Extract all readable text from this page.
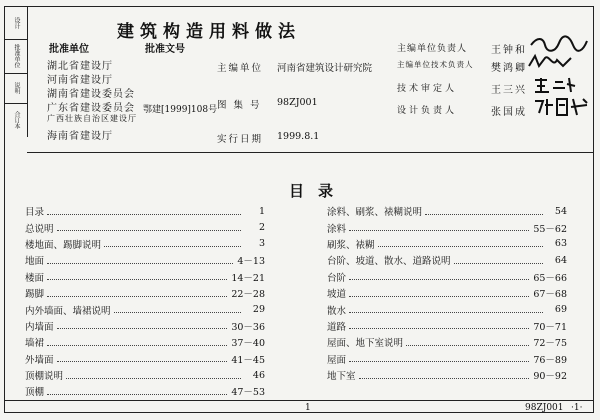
设计
批准单位
说明
合订本
建筑构造用料做法
批准单位	批准文号
湖北省建设厅
河南省建设厅
湖南省建设委员会
广东省建设委员会
广西壮族自治区建设厅
海南省建设厅
鄂建[1999]108号
主编单位 河南省建筑设计研究院
图 集 号 98ZJ001
实行日期 1999.8.1
主编单位负责人 王钟和
主编单位技术负责人 樊鸿卿
技术审定人	王三兴
设计负责人	张国成
目录
目录	1
总说明	2
楼地面、踢脚说明	3
地面	4－13
楼面	14－21
踢脚	22－28
内外墙面、墙裙说明	29
内墙面	30－36
墙裙	37－40
外墙面	41－45
顶棚说明	46
顶棚	47－53
涂料、刷浆、裱糊说明	54
涂料	55－62
刷浆、裱糊	63
台阶、坡道、散水、道路说明	64
台阶	65－66
坡道	67－68
散水	69
道路	70－71
屋面、地下室说明	72－75
屋面	76－89
地下室	90－92
1	98ZJ001 ·1·
